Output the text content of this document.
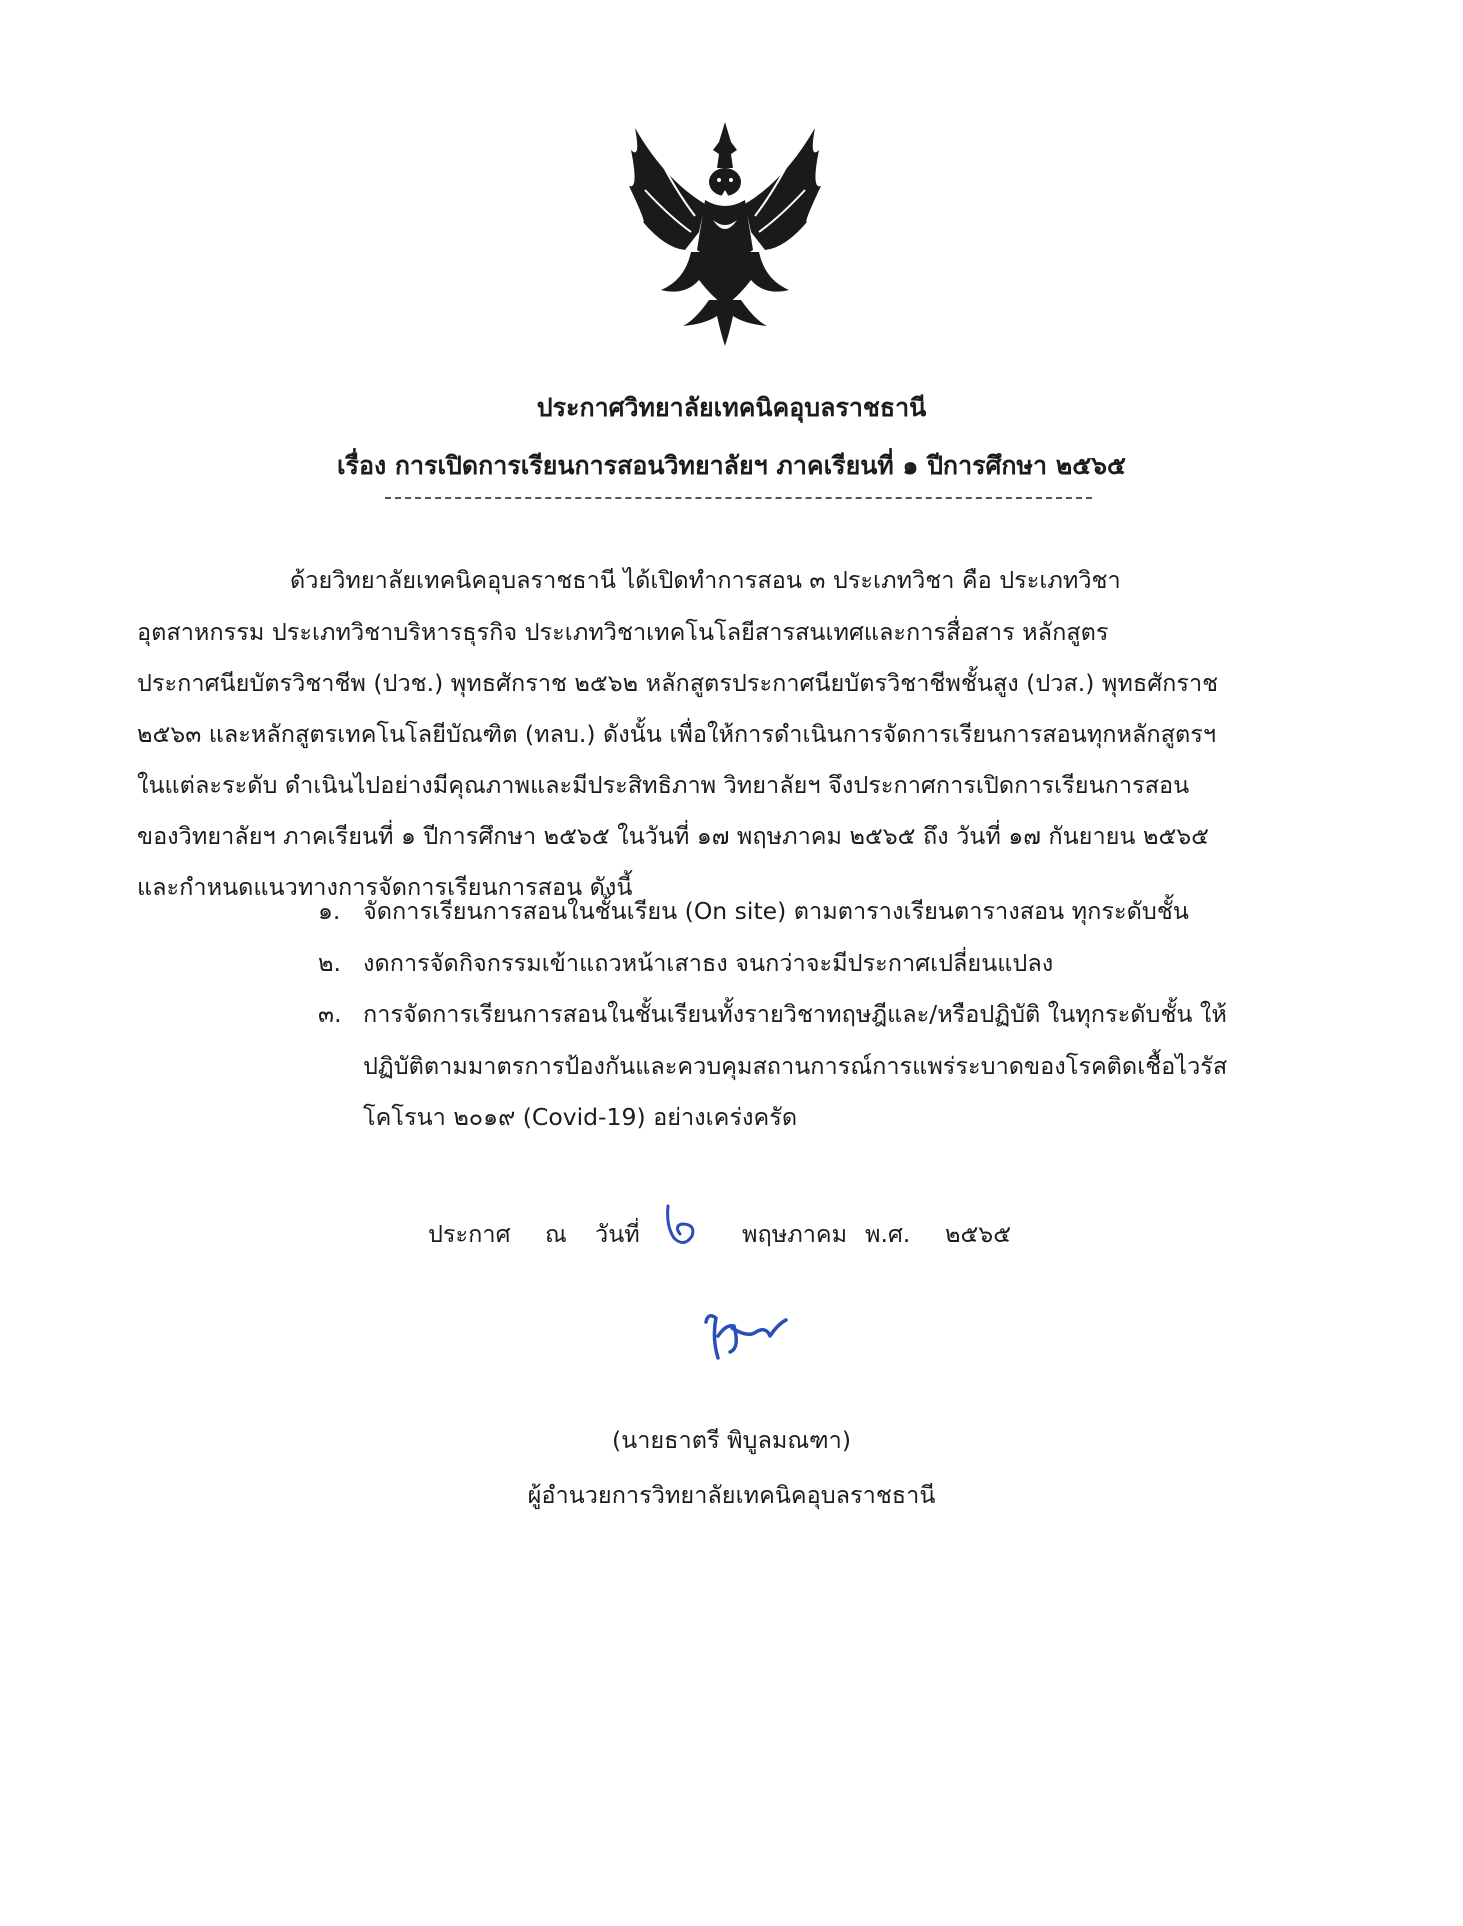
ประกาศวิทยาลัยเทคนิคอุบลราชธานี
เรื่อง การเปิดการเรียนการสอนวิทยาลัยฯ ภาคเรียนที่ ๑ ปีการศึกษา ๒๕๖๕
ด้วยวิทยาลัยเทคนิคอุบลราชธานี ได้เปิดทำการสอน ๓ ประเภทวิชา คือ ประเภทวิชา
อุตสาหกรรม ประเภทวิชาบริหารธุรกิจ ประเภทวิชาเทคโนโลยีสารสนเทศและการสื่อสาร หลักสูตร
ประกาศนียบัตรวิชาชีพ (ปวช.) พุทธศักราช ๒๕๖๒ หลักสูตรประกาศนียบัตรวิชาชีพชั้นสูง (ปวส.) พุทธศักราช
๒๕๖๓ และหลักสูตรเทคโนโลยีบัณฑิต (ทลบ.) ดังนั้น เพื่อให้การดำเนินการจัดการเรียนการสอนทุกหลักสูตรฯ
ในแต่ละระดับ ดำเนินไปอย่างมีคุณภาพและมีประสิทธิภาพ วิทยาลัยฯ จึงประกาศการเปิดการเรียนการสอน
ของวิทยาลัยฯ ภาคเรียนที่ ๑ ปีการศึกษา ๒๕๖๕ ในวันที่ ๑๗ พฤษภาคม ๒๕๖๕ ถึง วันที่ ๑๗ กันยายน ๒๕๖๕
และกำหนดแนวทางการจัดการเรียนการสอน ดังนี้
๑. จัดการเรียนการสอนในชั้นเรียน (On site) ตามตารางเรียนตารางสอน ทุกระดับชั้น
๒. งดการจัดกิจกรรมเข้าแถวหน้าเสาธง จนกว่าจะมีประกาศเปลี่ยนแปลง
๓. การจัดการเรียนการสอนในชั้นเรียนทั้งรายวิชาทฤษฎีและ/หรือปฏิบัติ ในทุกระดับชั้น ให้
ปฏิบัติตามมาตรการป้องกันและควบคุมสถานการณ์การแพร่ระบาดของโรคติดเชื้อไวรัส
โคโรนา ๒๐๑๙ (Covid-19) อย่างเคร่งครัด
ประกาศ ณ วันที่	พฤษภาคม พ.ศ. ๒๕๖๕
(นายธาตรี พิบูลมณฑา)
ผู้อำนวยการวิทยาลัยเทคนิคอุบลราชธานี
